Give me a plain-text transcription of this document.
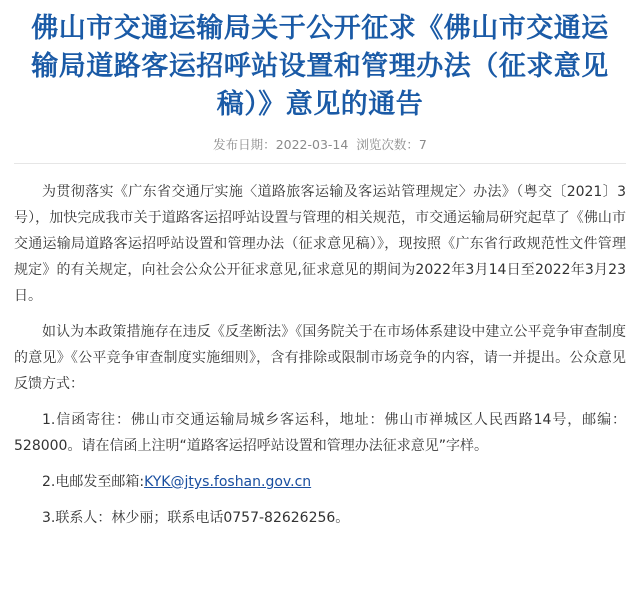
佛山市交通运输局关于公开征求《佛山市交通运输局道路客运招呼站设置和管理办法（征求意见稿）》意见的通告
发布日期：2022-03-14 浏览次数：7

为贯彻落实《广东省交通厅实施〈道路旅客运输及客运站管理规定〉办法》（粤交〔2021〕3号），加快完成我市关于道路客运招呼站设置与管理的相关规范，市交通运输局研究起草了《佛山市交通运输局道路客运招呼站设置和管理办法（征求意见稿）》，现按照《广东省行政规范性文件管理规定》的有关规定，向社会公众公开征求意见,征求意见的期间为2022年3月14日至2022年3月23日。

如认为本政策措施存在违反《反垄断法》《国务院关于在市场体系建设中建立公平竞争审查制度的意见》《公平竞争审查制度实施细则》，含有排除或限制市场竞争的内容，请一并提出。公众意见反馈方式：

1.信函寄往：佛山市交通运输局城乡客运科，地址：佛山市禅城区人民西路14号，邮编：528000。请在信函上注明“道路客运招呼站设置和管理办法征求意见”字样。

2.电邮发至邮箱:KYK@jtys.foshan.gov.cn

3.联系人：林少丽；联系电话0757-82626256。
